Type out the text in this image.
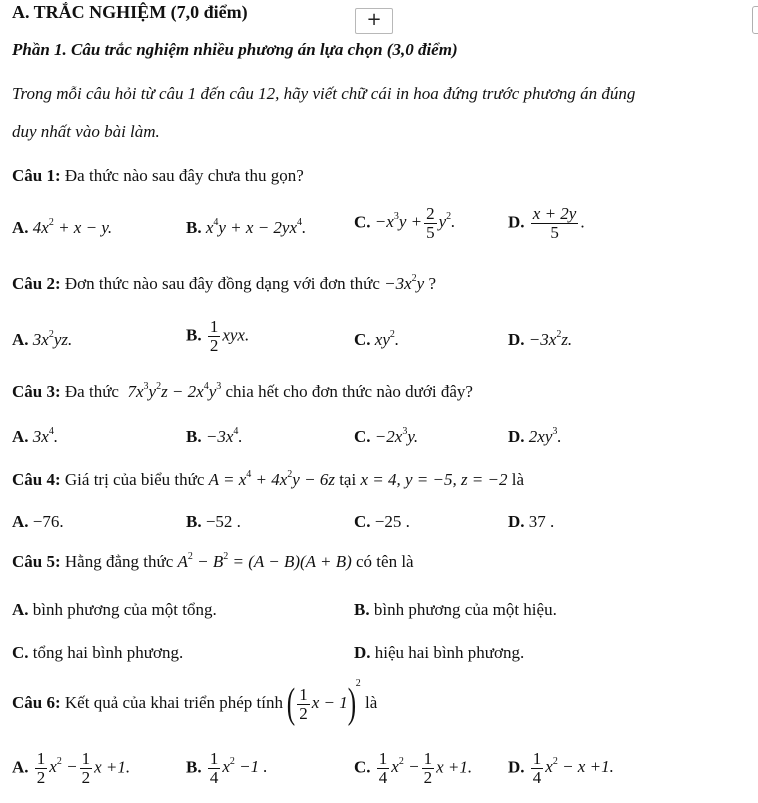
A. TRẮC NGHIỆM (7,0 điểm)	+
Phần 1. Câu trắc nghiệm nhiều phương án lựa chọn (3,0 điểm)
Trong mỗi câu hỏi từ câu 1 đến câu 12, hãy viết chữ cái in hoa đứng trước phương án đúng
duy nhất vào bài làm.
Câu 1: Đa thức nào sau đây chưa thu gọn?
A. $4x^2 + x - y$.	B. $x^4y + x - 2yx^4$.	C. $-x^3y + \frac{2}{5} y^2$.	D. $\frac{x + 2y}{5}$ .
Câu 2: Đơn thức nào sau đây đồng dạng với đơn thức $-3x^2y$ ?
A. $3x^2yz$.	B. $\frac{1}{2}$ xyx.	C. $xy^2$.	D. $-3x^2z$.
Câu 3: Đa thức  $7x^3y^2z - 2x^4y^3$ chia hết cho đơn thức nào dưới đây?
A. $3x^4$.	B. $-3x^4$.	C. $-2x^3y$.	D. $2xy^3$.
Câu 4: Giá trị của biểu thức $A = x^4 + 4x^2y - 6z$ tại x = 4, y = −5, z = −2 là
A. −76.	B. −52 .	C. −25 .	D. 37 .
Câu 5: Hằng đẳng thức $A^2 - B^2 = (A - B)(A + B)$ có tên là
A. bình phương của một tổng.	B. bình phương của một hiệu.
C. tổng hai bình phương.	D. hiệu hai bình phương.
Câu 6: Kết quả của khai triển phép tính ( $\frac{1}{2}$ x − 1)$^2$ là
A. $\frac{1}{2} x^2 - \frac{1}{2}$ x +1.	B. $\frac{1}{4} x^2 -1$ .	C. $\frac{1}{4} x^2 - \frac{1}{2}$ x +1. D. $\frac{1}{4} x^2 - x +1$.
